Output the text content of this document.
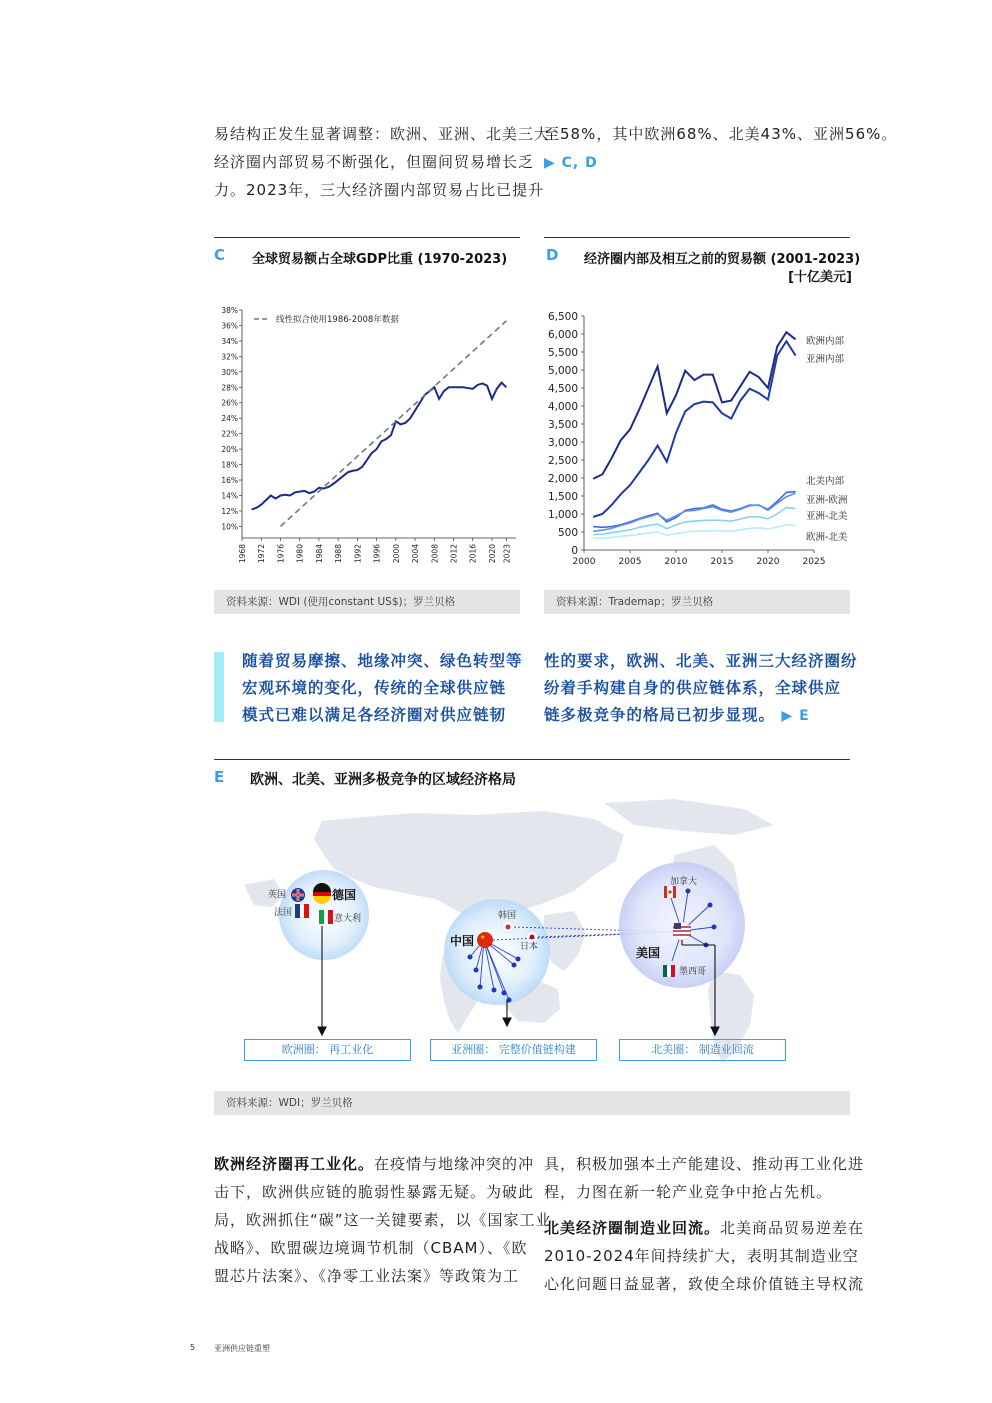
易结构正发生显著调整：欧洲、亚洲、北美三大

经济圈内部贸易不断强化，但圈间贸易增长乏

力。2023年，三大经济圈内部贸易占比已提升

至58%，其中欧洲68%、北美43%、亚洲56%。

▶ C, D

C 全球贸易额占全球GDP比重 (1970-2023)	D 经济圈内部及相互之前的贸易额 (2001-2023)
[十亿美元]
10%
12%
14%
16%
18%
20%
22%
24%
26%
28%
30%
32%
34%
36%
38%
1968 1972 1976 1980 1984 1988 1992 1996 2000 2004 2008 2012 2016 2020 2023
线性拟合使用1986-2008年数据
资料来源：WDI (使用constant US$)；罗兰贝格
0
500
1,000
1,500
2,000
2,500
3,000
3,500
4,000
4,500
5,000
5,500
6,000
6,500
2000	2005	2010	2015	2020	2025
欧洲内部
亚洲内部
北美内部
亚洲-欧洲
亚洲-北美
欧洲-北美
资料来源：Trademap；罗兰贝格

随着贸易摩擦、地缘冲突、绿色转型等

宏观环境的变化，传统的全球供应链

模式已难以满足各经济圈对供应链韧

性的要求，欧洲、北美、亚洲三大经济圈纷

纷着手构建自身的供应链体系，全球供应

链多极竞争的格局已初步显现。 ▶ E

E 欧洲、北美、亚洲多极竞争的区域经济格局
英国
法国
德国
意大利
★
中国
韩国
日本
加拿大
美国
墨西哥
欧洲圈： 再工业化	亚洲圈： 完整价值链构建	北美圈： 制造业回流
资料来源：WDI；罗兰贝格

欧洲经济圈再工业化。在疫情与地缘冲突的冲

击下，欧洲供应链的脆弱性暴露无疑。为破此

局，欧洲抓住“碳”这一关键要素，以《国家工业

战略》、欧盟碳边境调节机制（CBAM）、《欧

盟芯片法案》、《净零工业法案》等政策为工

具，积极加强本土产能建设、推动再工业化进

程，力图在新一轮产业竞争中抢占先机。

北美经济圈制造业回流。北美商品贸易逆差在

2010-2024年间持续扩大，表明其制造业空

心化问题日益显著，致使全球价值链主导权流

5 亚洲供应链重塑
